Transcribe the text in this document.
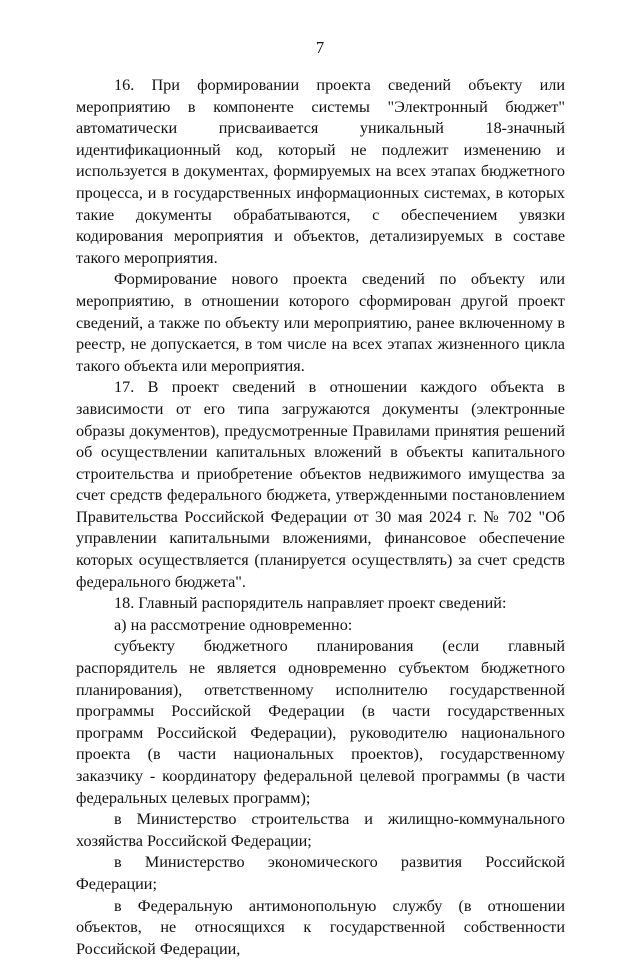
7

16. При формировании проекта сведений объекту или мероприятию в компоненте системы "Электронный бюджет" автоматически присваивается уникальный 18-значный идентификационный код, который не подлежит изменению и используется в документах, формируемых на всех этапах бюджетного процесса, и в государственных информационных системах, в которых такие документы обрабатываются, с обеспечением увязки кодирования мероприятия и объектов, детализируемых в составе такого мероприятия.

Формирование нового проекта сведений по объекту или мероприятию, в отношении которого сформирован другой проект сведений, а также по объекту или мероприятию, ранее включенному в реестр, не допускается, в том числе на всех этапах жизненного цикла такого объекта или мероприятия.

17. В проект сведений в отношении каждого объекта в зависимости от его типа загружаются документы (электронные образы документов), предусмотренные Правилами принятия решений об осуществлении капитальных вложений в объекты капитального строительства и приобретение объектов недвижимого имущества за счет средств федерального бюджета, утвержденными постановлением Правительства Российской Федерации от 30 мая 2024 г. № 702 "Об управлении капитальными вложениями, финансовое обеспечение которых осуществляется (планируется осуществлять) за счет средств федерального бюджета".

18. Главный распорядитель направляет проект сведений:

а) на рассмотрение одновременно:

субъекту бюджетного планирования (если главный распорядитель не является одновременно субъектом бюджетного планирования), ответственному исполнителю государственной программы Российской Федерации (в части государственных программ Российской Федерации), руководителю национального проекта (в части национальных проектов), государственному заказчику - координатору федеральной целевой программы (в части федеральных целевых программ);

в Министерство строительства и жилищно-коммунального хозяйства Российской Федерации;

в Министерство экономического развития Российской Федерации;

в Федеральную антимонопольную службу (в отношении объектов, не относящихся к государственной собственности Российской Федерации,
